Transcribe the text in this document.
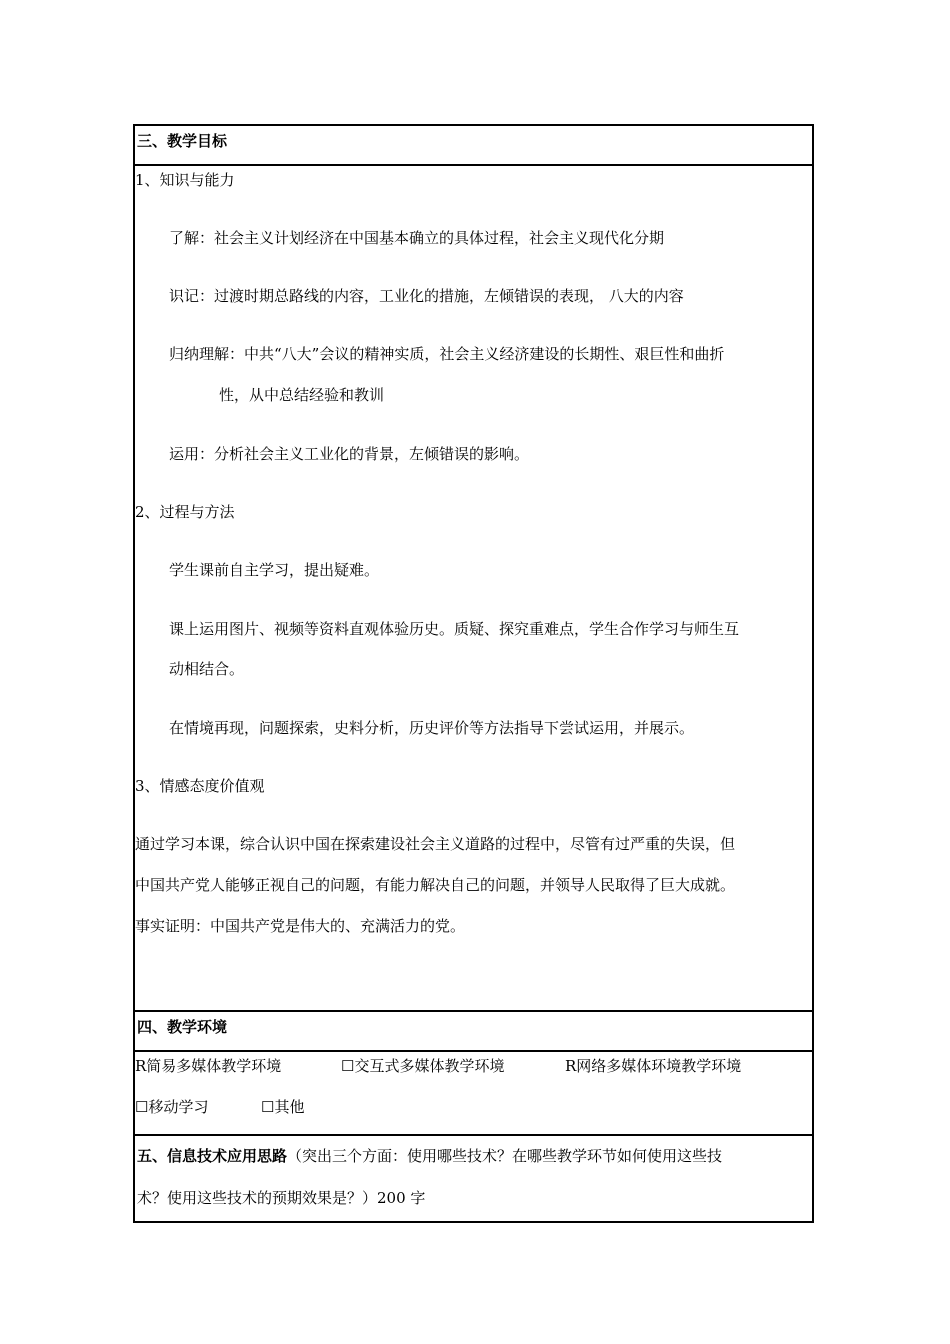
三、教学目标
1、知识与能力
了解：社会主义计划经济在中国基本确立的具体过程，社会主义现代化分期
识记：过渡时期总路线的内容，工业化的措施，左倾错误的表现， 八大的内容
归纳理解：中共“八大”会议的精神实质，社会主义经济建设的长期性、艰巨性和曲折
性，从中总结经验和教训
运用：分析社会主义工业化的背景，左倾错误的影响。
2、过程与方法
学生课前自主学习，提出疑难。
课上运用图片、视频等资料直观体验历史。质疑、探究重难点，学生合作学习与师生互
动相结合。
在情境再现，问题探索，史料分析，历史评价等方法指导下尝试运用，并展示。
3、情感态度价值观
通过学习本课，综合认识中国在探索建设社会主义道路的过程中，尽管有过严重的失误，但
中国共产党人能够正视自己的问题，有能力解决自己的问题，并领导人民取得了巨大成就。
事实证明：中国共产党是伟大的、充满活力的党。
四、教学环境
R简易多媒体教学环境	☐交互式多媒体教学环境	R网络多媒体环境教学环境
☐移动学习	☐其他
五、信息技术应用思路（突出三个方面：使用哪些技术？在哪些教学环节如何使用这些技
术？使用这些技术的预期效果是？）200 字
